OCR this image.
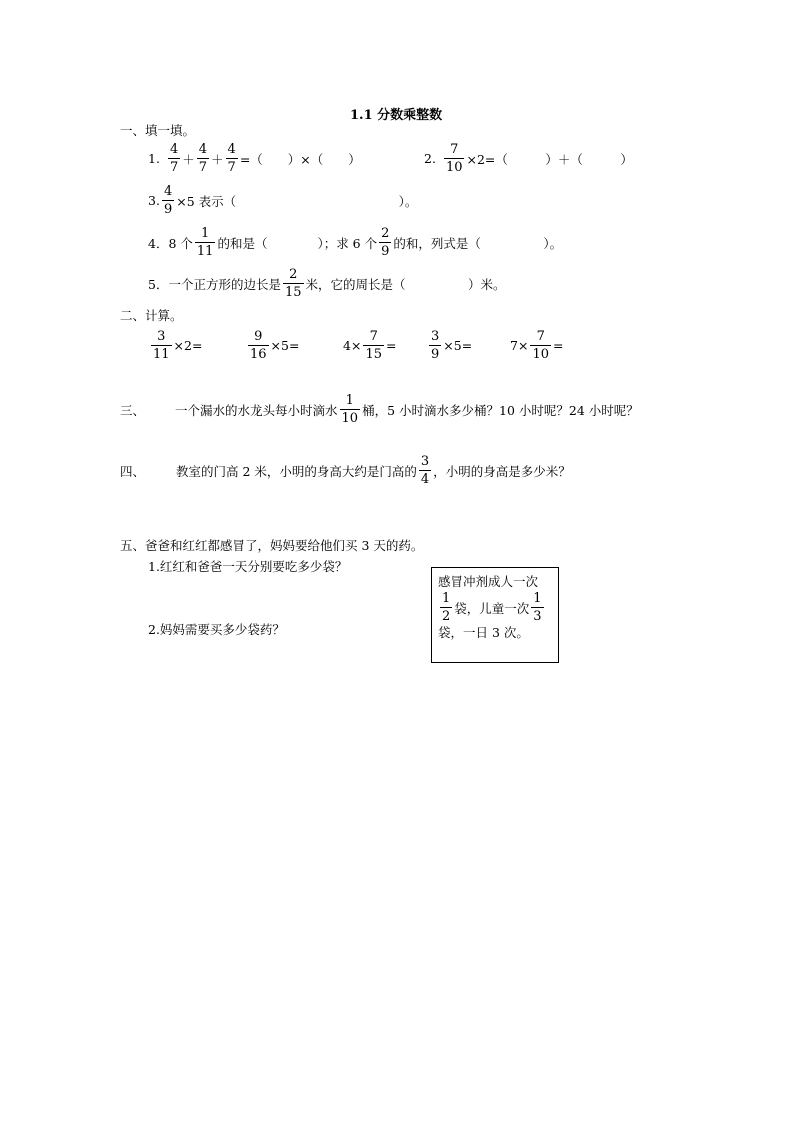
1.1 分数乘整数
一、填一填。
1. $\frac{4}{7} + \frac{4}{7} + \frac{4}{7}$ =（　　）×（　　）	2. $\frac{7}{10} \times 2=$（　　　）＋（　　　）
3. $\frac{4}{9} \times 5$ 表示（　　　　　　　　　　　　　）。
4．8 个 $\frac{1}{11}$ 的和是（　　　　）；求 6 个 $\frac{2}{9}$ 的和，列式是（　　　　　）。
5．一个正方形的边长是 $\frac{2}{15}$ 米，它的周长是（　　　　　）米。
二、计算。
$\frac{3}{11} \times 2=$	$\frac{9}{16} \times 5=$	$4\times \frac{7}{15}$ =	$\frac{3}{9} \times 5=$	$7\times \frac{7}{10}$ =
三、	一个漏水的水龙头每小时滴水 $\frac{1}{10}$ 桶，5 小时滴水多少桶？10 小时呢？24 小时呢？
四、	教室的门高 2 米，小明的身高大约是门高的 $\frac{3}{4}$ ，小明的身高是多少米？
五、爸爸和红红都感冒了，妈妈要给他们买 3 天的药。
1.红红和爸爸一天分别要吃多少袋？
2.妈妈需要买多少袋药？
感冒冲剂成人一次
$\frac{1}{2}$ 袋，儿童一次 $\frac{1}{3}$
袋，一日 3 次。
